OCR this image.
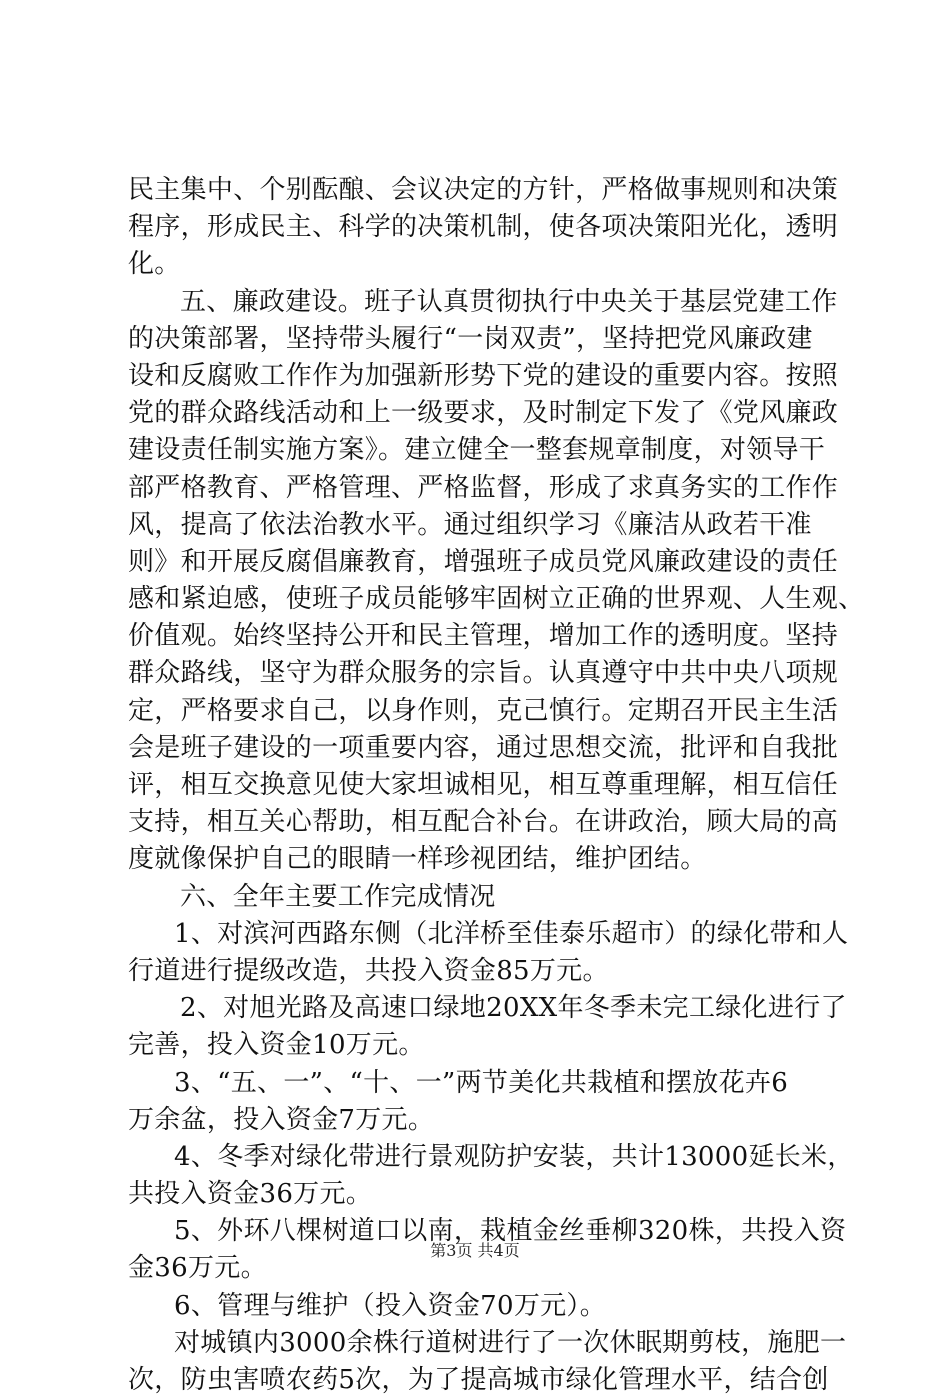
民主集中、个别酝酿、会议决定的方针，严格做事规则和决策
程序，形成民主、科学的决策机制，使各项决策阳光化，透明
化。
五、廉政建设。班子认真贯彻执行中央关于基层党建工作
的决策部署，坚持带头履行“一岗双责”，坚持把党风廉政建
设和反腐败工作作为加强新形势下党的建设的重要内容。按照
党的群众路线活动和上一级要求，及时制定下发了《党风廉政
建设责任制实施方案》。建立健全一整套规章制度，对领导干
部严格教育、严格管理、严格监督，形成了求真务实的工作作
风，提高了依法治教水平。通过组织学习《廉洁从政若干准
则》和开展反腐倡廉教育，增强班子成员党风廉政建设的责任
感和紧迫感，使班子成员能够牢固树立正确的世界观、人生观、
价值观。始终坚持公开和民主管理，增加工作的透明度。坚持
群众路线，坚守为群众服务的宗旨。认真遵守中共中央八项规
定，严格要求自己，以身作则，克己慎行。定期召开民主生活
会是班子建设的一项重要内容，通过思想交流，批评和自我批
评，相互交换意见使大家坦诚相见，相互尊重理解，相互信任
支持，相互关心帮助，相互配合补台。在讲政治，顾大局的高
度就像保护自己的眼睛一样珍视团结，维护团结。
六、全年主要工作完成情况
1、对滨河西路东侧（北洋桥至佳泰乐超市）的绿化带和人
行道进行提级改造，共投入资金85万元。
2、对旭光路及高速口绿地20XX年冬季未完工绿化进行了
完善，投入资金10万元。
3、“五、一”、“十、一”两节美化共栽植和摆放花卉6
万余盆，投入资金7万元。
4、冬季对绿化带进行景观防护安装，共计13000延长米，
共投入资金36万元。
5、外环八棵树道口以南，栽植金丝垂柳320株，共投入资
金36万元。
6、管理与维护（投入资金70万元）。
对城镇内3000余株行道树进行了一次休眠期剪枝，施肥一
次，防虫害喷农药5次，为了提高城市绿化管理水平，结合创
第3页 共4页
